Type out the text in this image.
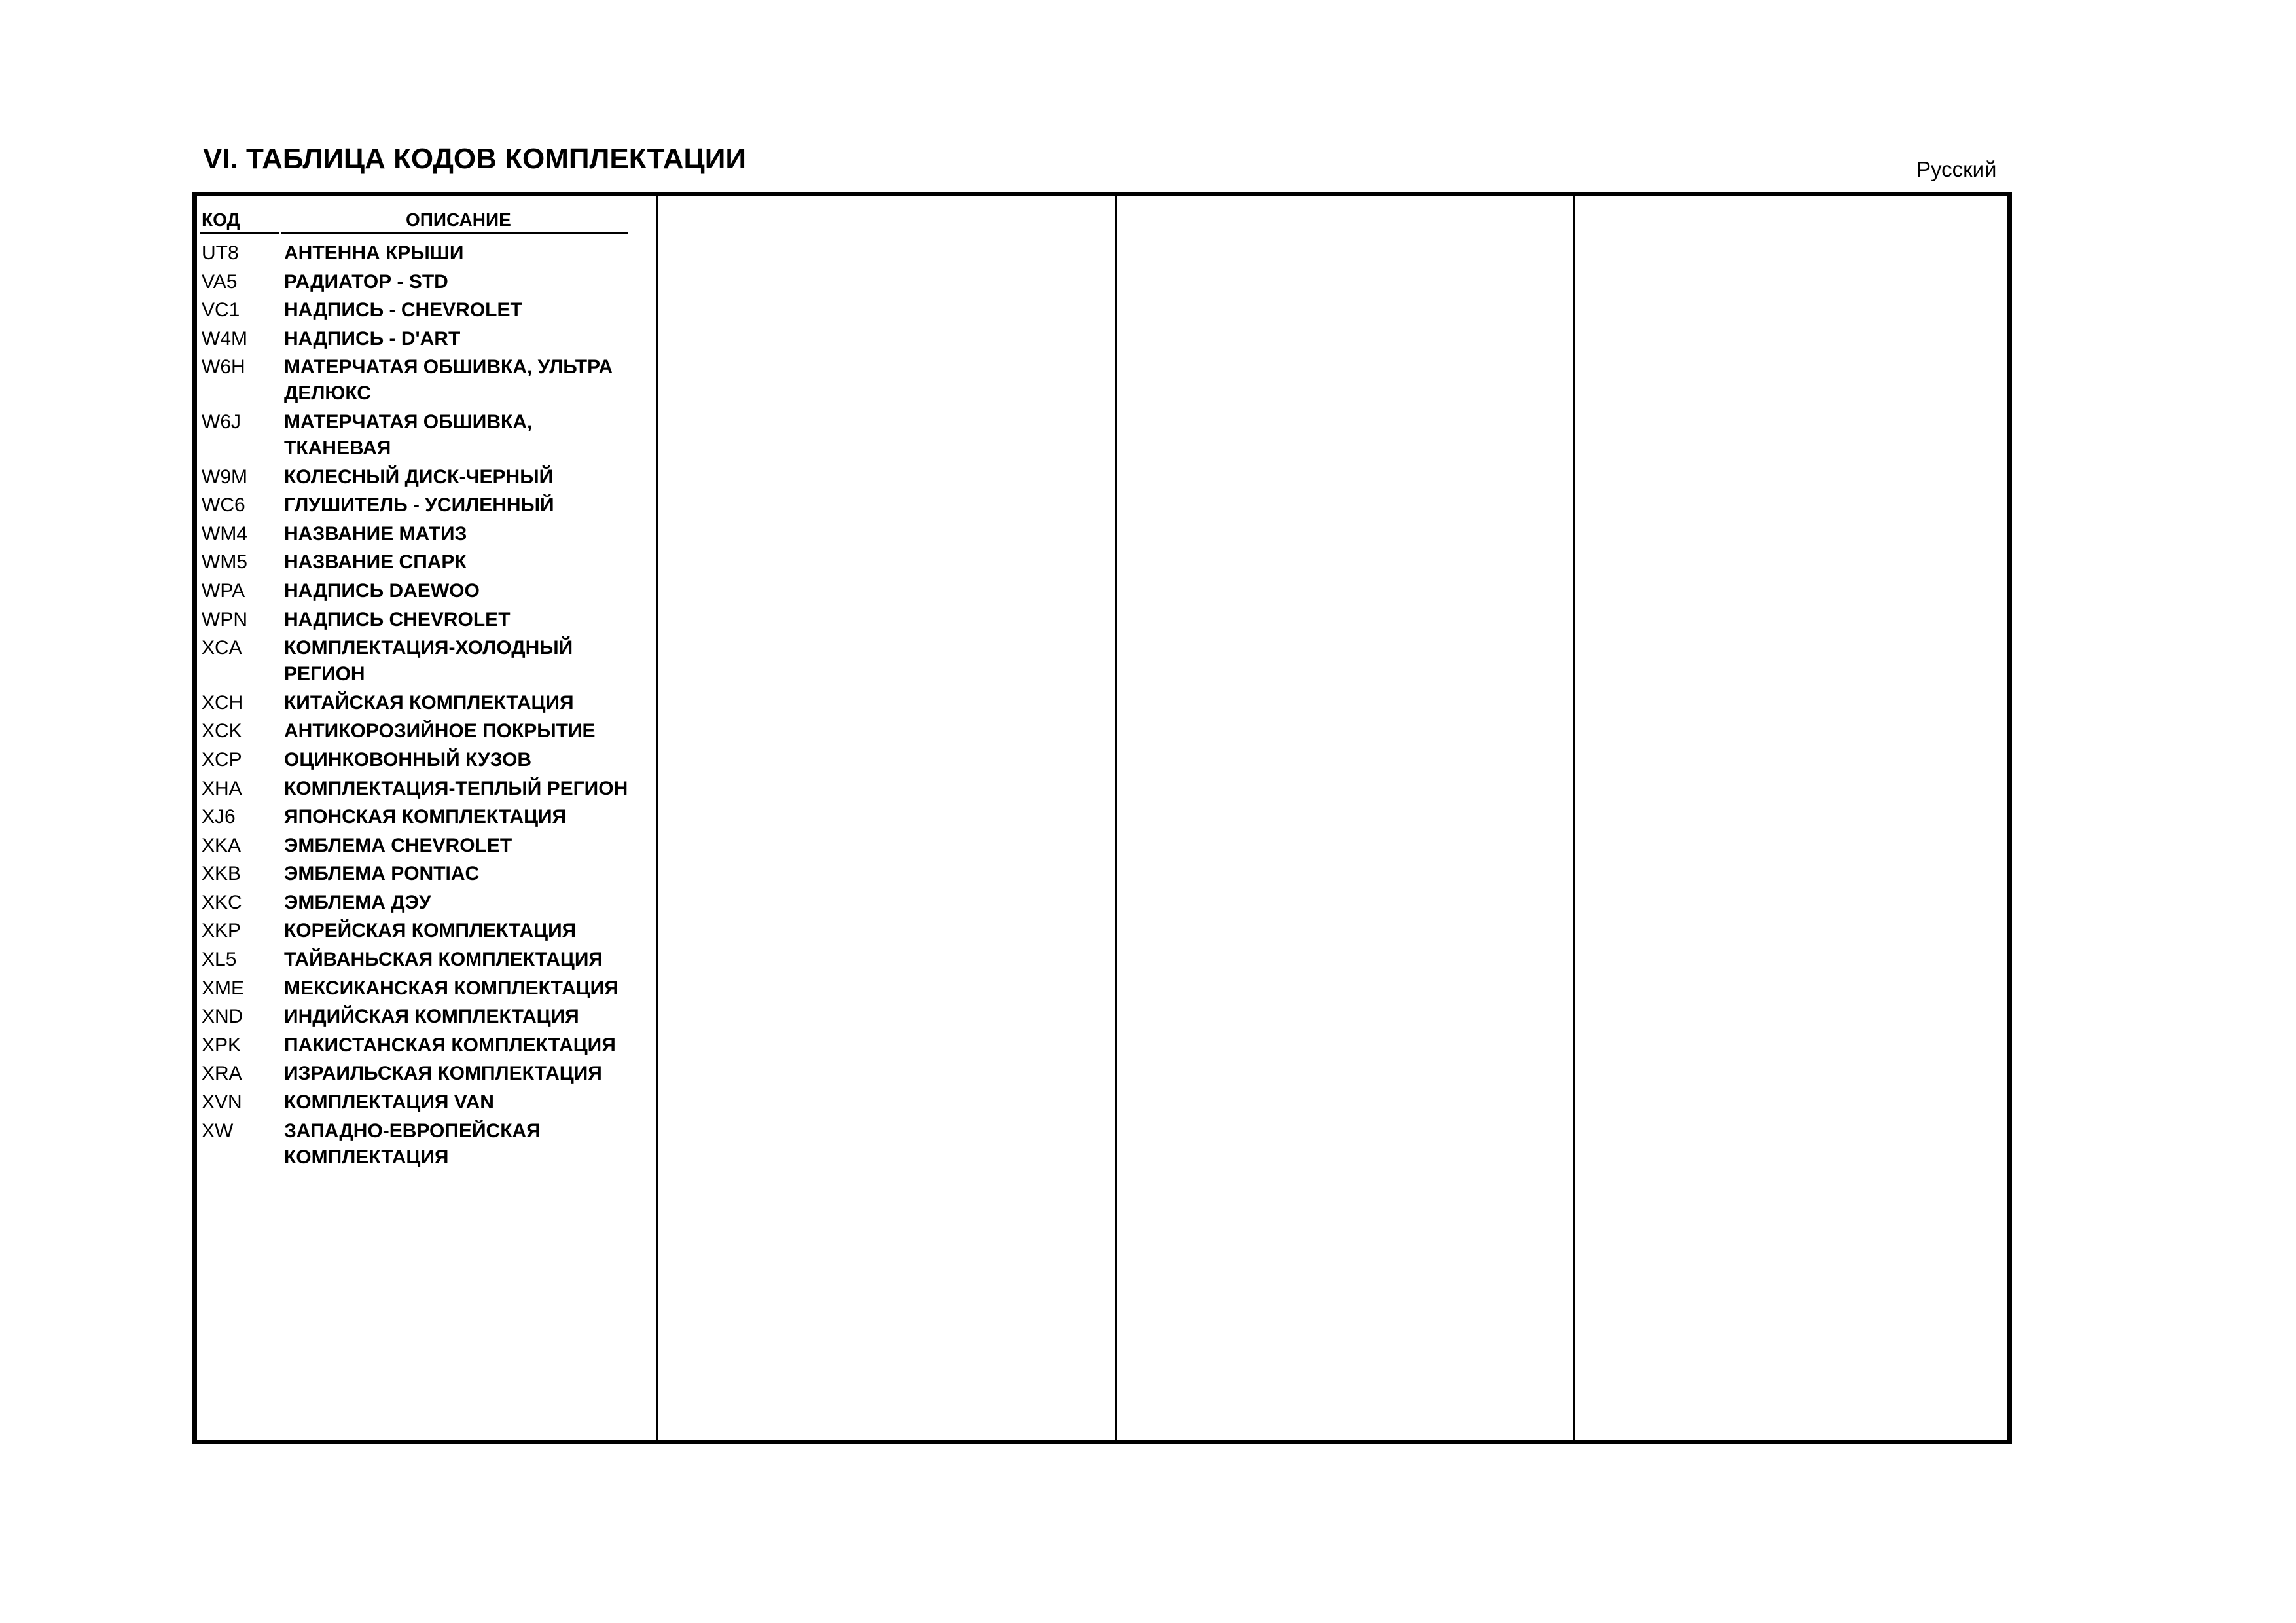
VI. ТАБЛИЦА КОДОВ КОМПЛЕКТАЦИИ	Русский
КОД	ОПИСАНИЕ
UT8	АНТЕННА КРЫШИ
VA5	РАДИАТОР - STD
VC1	НАДПИСЬ - CHEVROLET
W4M	НАДПИСЬ - D'ART
W6H	МАТЕРЧАТАЯ ОБШИВКА, УЛЬТРА ДЕЛЮКС
W6J	МАТЕРЧАТАЯ ОБШИВКА, ТКАНЕВАЯ
W9M	КОЛЕСНЫЙ ДИСК-ЧЕРНЫЙ
WC6	ГЛУШИТЕЛЬ - УСИЛЕННЫЙ
WM4	НАЗВАНИЕ МАТИЗ
WM5	НАЗВАНИЕ СПАРК
WPA	НАДПИСЬ DAEWOO
WPN	НАДПИСЬ CHEVROLET
XCA	КОМПЛЕКТАЦИЯ-ХОЛОДНЫЙ РЕГИОН
XCH	КИТАЙСКАЯ КОМПЛЕКТАЦИЯ
XCK	АНТИКОРОЗИЙНОЕ ПОКРЫТИЕ
XCP	ОЦИНКОВОННЫЙ КУЗОВ
XHA	КОМПЛЕКТАЦИЯ-ТЕПЛЫЙ РЕГИОН
XJ6	ЯПОНСКАЯ КОМПЛЕКТАЦИЯ
XKA	ЭМБЛЕМА CHEVROLET
XKB	ЭМБЛЕМА PONTIAC
XKC	ЭМБЛЕМА ДЭУ
XKP	КОРЕЙСКАЯ КОМПЛЕКТАЦИЯ
XL5	ТАЙВАНЬСКАЯ КОМПЛЕКТАЦИЯ
XME	МЕКСИКАНСКАЯ КОМПЛЕКТАЦИЯ
XND	ИНДИЙСКАЯ КОМПЛЕКТАЦИЯ
XPK	ПАКИСТАНСКАЯ КОМПЛЕКТАЦИЯ
XRA	ИЗРАИЛЬСКАЯ КОМПЛЕКТАЦИЯ
XVN	КОМПЛЕКТАЦИЯ VAN
XW	ЗАПАДНО-ЕВРОПЕЙСКАЯ КОМПЛЕКТАЦИЯ
